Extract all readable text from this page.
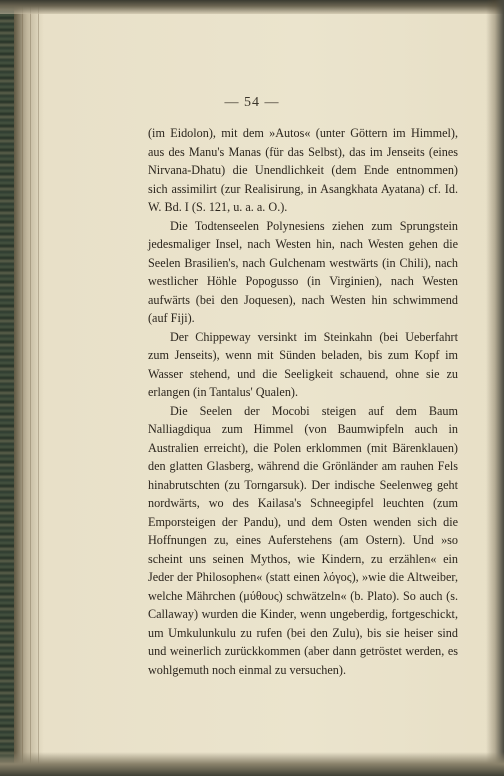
— 54 —

(im Eidolon), mit dem »Autos« (unter Göttern im Himmel), aus des Manu's Manas (für das Selbst), das im Jenseits (eines Nirvana-Dhatu) die Unendlichkeit (dem Ende entnommen) sich assimilirt (zur Realisirung, in Asangkhata Ayatana) cf. Id. W. Bd. I (S. 121, u. a. a. O.).

Die Todtenseelen Polynesiens ziehen zum Sprungstein jedesmaliger Insel, nach Westen hin, nach Westen gehen die Seelen Brasilien's, nach Gulchenam westwärts (in Chili), nach westlicher Höhle Popogusso (in Virginien), nach Westen aufwärts (bei den Joquesen), nach Westen hin schwimmend (auf Fiji).

Der Chippeway versinkt im Steinkahn (bei Ueberfahrt zum Jenseits), wenn mit Sünden beladen, bis zum Kopf im Wasser stehend, und die Seeligkeit schauend, ohne sie zu erlangen (in Tantalus' Qualen).

Die Seelen der Mocobi steigen auf dem Baum Nalliagdiqua zum Himmel (von Baumwipfeln auch in Australien erreicht), die Polen erklommen (mit Bärenklauen) den glatten Glasberg, während die Grönländer am rauhen Fels hinabrutschten (zu Torngarsuk). Der indische Seelenweg geht nordwärts, wo des Kailasa's Schneegipfel leuchten (zum Emporsteigen der Pandu), und dem Osten wenden sich die Hoffnungen zu, eines Auferstehens (am Ostern). Und »so scheint uns seinen Mythos, wie Kindern, zu erzählen« ein Jeder der Philosophen« (statt einen λόγος), »wie die Altweiber, welche Mährchen (μύθους) schwätzeln« (b. Plato). So auch (s. Callaway) wurden die Kinder, wenn ungeberdig, fortgeschickt, um Umkulunkulu zu rufen (bei den Zulu), bis sie heiser sind und weinerlich zurückkommen (aber dann getröstet werden, es wohlgemuth noch einmal zu versuchen).
